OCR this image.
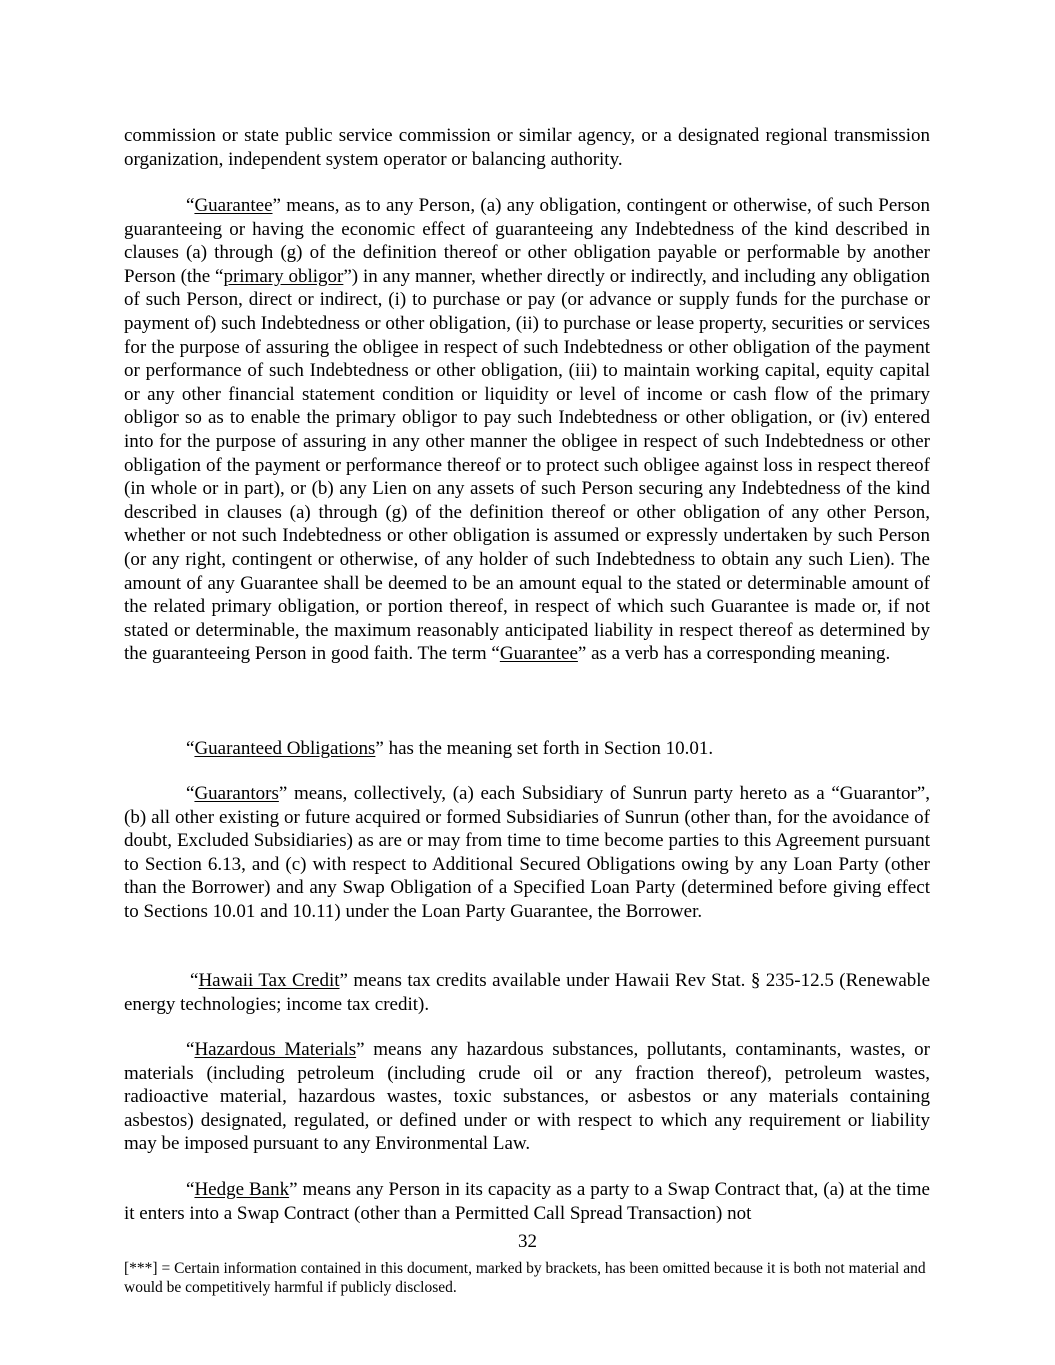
commission or state public service commission or similar agency, or a designated regional transmission organization, independent system operator or balancing authority.

“Guarantee” means, as to any Person, (a) any obligation, contingent or otherwise, of such Person guaranteeing or having the economic effect of guaranteeing any Indebtedness of the kind described in clauses (a) through (g) of the definition thereof or other obligation payable or performable by another Person (the “primary obligor”) in any manner, whether directly or indirectly, and including any obligation of such Person, direct or indirect, (i) to purchase or pay (or advance or supply funds for the purchase or payment of) such Indebtedness or other obligation, (ii) to purchase or lease property, securities or services for the purpose of assuring the obligee in respect of such Indebtedness or other obligation of the payment or performance of such Indebtedness or other obligation, (iii) to maintain working capital, equity capital or any other financial statement condition or liquidity or level of income or cash flow of the primary obligor so as to enable the primary obligor to pay such Indebtedness or other obligation, or (iv) entered into for the purpose of assuring in any other manner the obligee in respect of such Indebtedness or other obligation of the payment or performance thereof or to protect such obligee against loss in respect thereof (in whole or in part), or (b) any Lien on any assets of such Person securing any Indebtedness of the kind described in clauses (a) through (g) of the definition thereof or other obligation of any other Person, whether or not such Indebtedness or other obligation is assumed or expressly undertaken by such Person (or any right, contingent or otherwise, of any holder of such Indebtedness to obtain any such Lien). The amount of any Guarantee shall be deemed to be an amount equal to the stated or determinable amount of the related primary obligation, or portion thereof, in respect of which such Guarantee is made or, if not stated or determinable, the maximum reasonably anticipated liability in respect thereof as determined by the guaranteeing Person in good faith. The term “Guarantee” as a verb has a corresponding meaning.

“Guaranteed Obligations” has the meaning set forth in Section 10.01.

“Guarantors” means, collectively, (a) each Subsidiary of Sunrun party hereto as a “Guarantor”, (b) all other existing or future acquired or formed Subsidiaries of Sunrun (other than, for the avoidance of doubt, Excluded Subsidiaries) as are or may from time to time become parties to this Agreement pursuant to Section 6.13, and (c) with respect to Additional Secured Obligations owing by any Loan Party (other than the Borrower) and any Swap Obligation of a Specified Loan Party (determined before giving effect to Sections 10.01 and 10.11) under the Loan Party Guarantee, the Borrower.

“Hawaii Tax Credit” means tax credits available under Hawaii Rev Stat. § 235-12.5 (Renewable energy technologies; income tax credit).

“Hazardous Materials” means any hazardous substances, pollutants, contaminants, wastes, or materials (including petroleum (including crude oil or any fraction thereof), petroleum wastes, radioactive material, hazardous wastes, toxic substances, or asbestos or any materials containing asbestos) designated, regulated, or defined under or with respect to which any requirement or liability may be imposed pursuant to any Environmental Law.

“Hedge Bank” means any Person in its capacity as a party to a Swap Contract that, (a) at the time it enters into a Swap Contract (other than a Permitted Call Spread Transaction) not

32
[***] = Certain information contained in this document, marked by brackets, has been omitted because it is both not material and would be competitively harmful if publicly disclosed.
